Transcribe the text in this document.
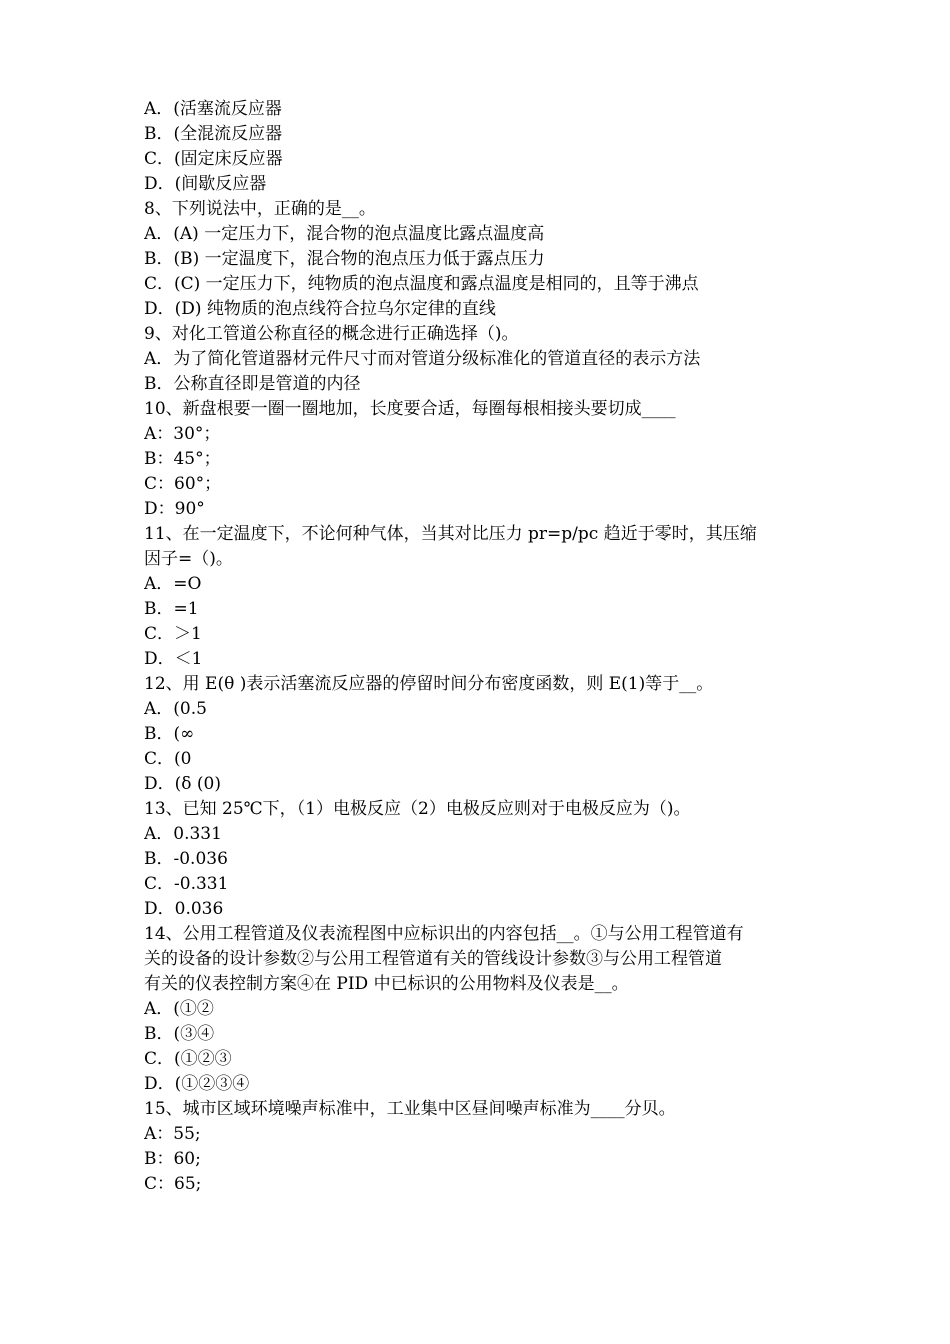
A．(活塞流反应器
B．(全混流反应器
C．(固定床反应器
D．(间歇反应器
8、下列说法中，正确的是__。
A．(A) 一定压力下，混合物的泡点温度比露点温度高
B．(B) 一定温度下，混合物的泡点压力低于露点压力
C．(C) 一定压力下，纯物质的泡点温度和露点温度是相同的，且等于沸点
D．(D) 纯物质的泡点线符合拉乌尔定律的直线
9、对化工管道公称直径的概念进行正确选择（)。
A．为了简化管道器材元件尺寸而对管道分级标准化的管道直径的表示方法
B．公称直径即是管道的内径
10、新盘根要一圈一圈地加，长度要合适，每圈每根相接头要切成____
A：30°；
B：45°；
C：60°；
D：90°
11、在一定温度下，不论何种气体，当其对比压力 pr=p/pc 趋近于零时，其压缩
因子=（)。
A．=O
B．=1
C．＞1
D．＜1
12、用 E(θ )表示活塞流反应器的停留时间分布密度函数，则 E(1)等于__。
A．(0.5
B．(∞
C．(0
D．(δ (0)
13、已知 25℃下，（1）电极反应（2）电极反应则对于电极反应为（)。
A．0.331
B．-0.036
C．-0.331
D．0.036
14、公用工程管道及仪表流程图中应标识出的内容包括__。①与公用工程管道有
关的设备的设计参数②与公用工程管道有关的管线设计参数③与公用工程管道
有关的仪表控制方案④在 PID 中已标识的公用物料及仪表是__。
A．(①②
B．(③④
C．(①②③
D．(①②③④
15、城市区域环境噪声标准中，工业集中区昼间噪声标准为____分贝。
A：55;
B：60;
C：65;
